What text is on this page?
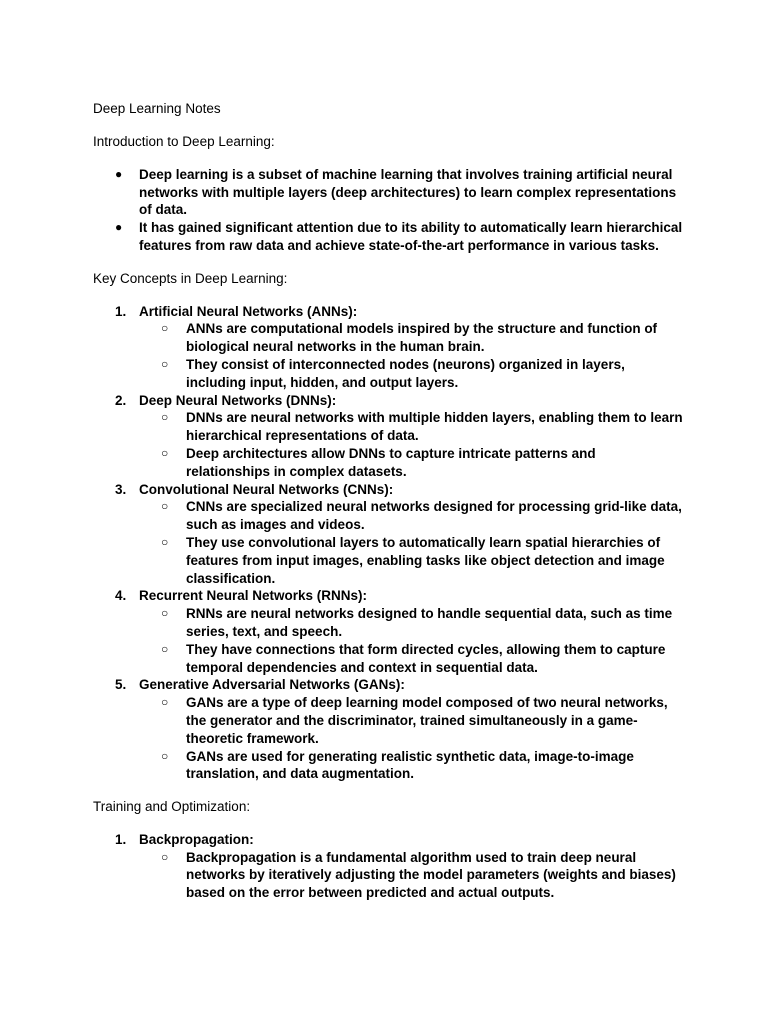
Deep Learning Notes
Introduction to Deep Learning:
● Deep learning is a subset of machine learning that involves training artificial neural networks with multiple layers (deep architectures) to learn complex representations of data.
● It has gained significant attention due to its ability to automatically learn hierarchical features from raw data and achieve state-of-the-art performance in various tasks.
Key Concepts in Deep Learning:
1. Artificial Neural Networks (ANNs):
○ ANNs are computational models inspired by the structure and function of biological neural networks in the human brain.
○ They consist of interconnected nodes (neurons) organized in layers, including input, hidden, and output layers.
2. Deep Neural Networks (DNNs):
○ DNNs are neural networks with multiple hidden layers, enabling them to learn hierarchical representations of data.
○ Deep architectures allow DNNs to capture intricate patterns and relationships in complex datasets.
3. Convolutional Neural Networks (CNNs):
○ CNNs are specialized neural networks designed for processing grid-like data, such as images and videos.
○ They use convolutional layers to automatically learn spatial hierarchies of features from input images, enabling tasks like object detection and image classification.
4. Recurrent Neural Networks (RNNs):
○ RNNs are neural networks designed to handle sequential data, such as time series, text, and speech.
○ They have connections that form directed cycles, allowing them to capture temporal dependencies and context in sequential data.
5. Generative Adversarial Networks (GANs):
○ GANs are a type of deep learning model composed of two neural networks, the generator and the discriminator, trained simultaneously in a game-theoretic framework.
○ GANs are used for generating realistic synthetic data, image-to-image translation, and data augmentation.
Training and Optimization:
1. Backpropagation:
○ Backpropagation is a fundamental algorithm used to train deep neural networks by iteratively adjusting the model parameters (weights and biases) based on the error between predicted and actual outputs.
